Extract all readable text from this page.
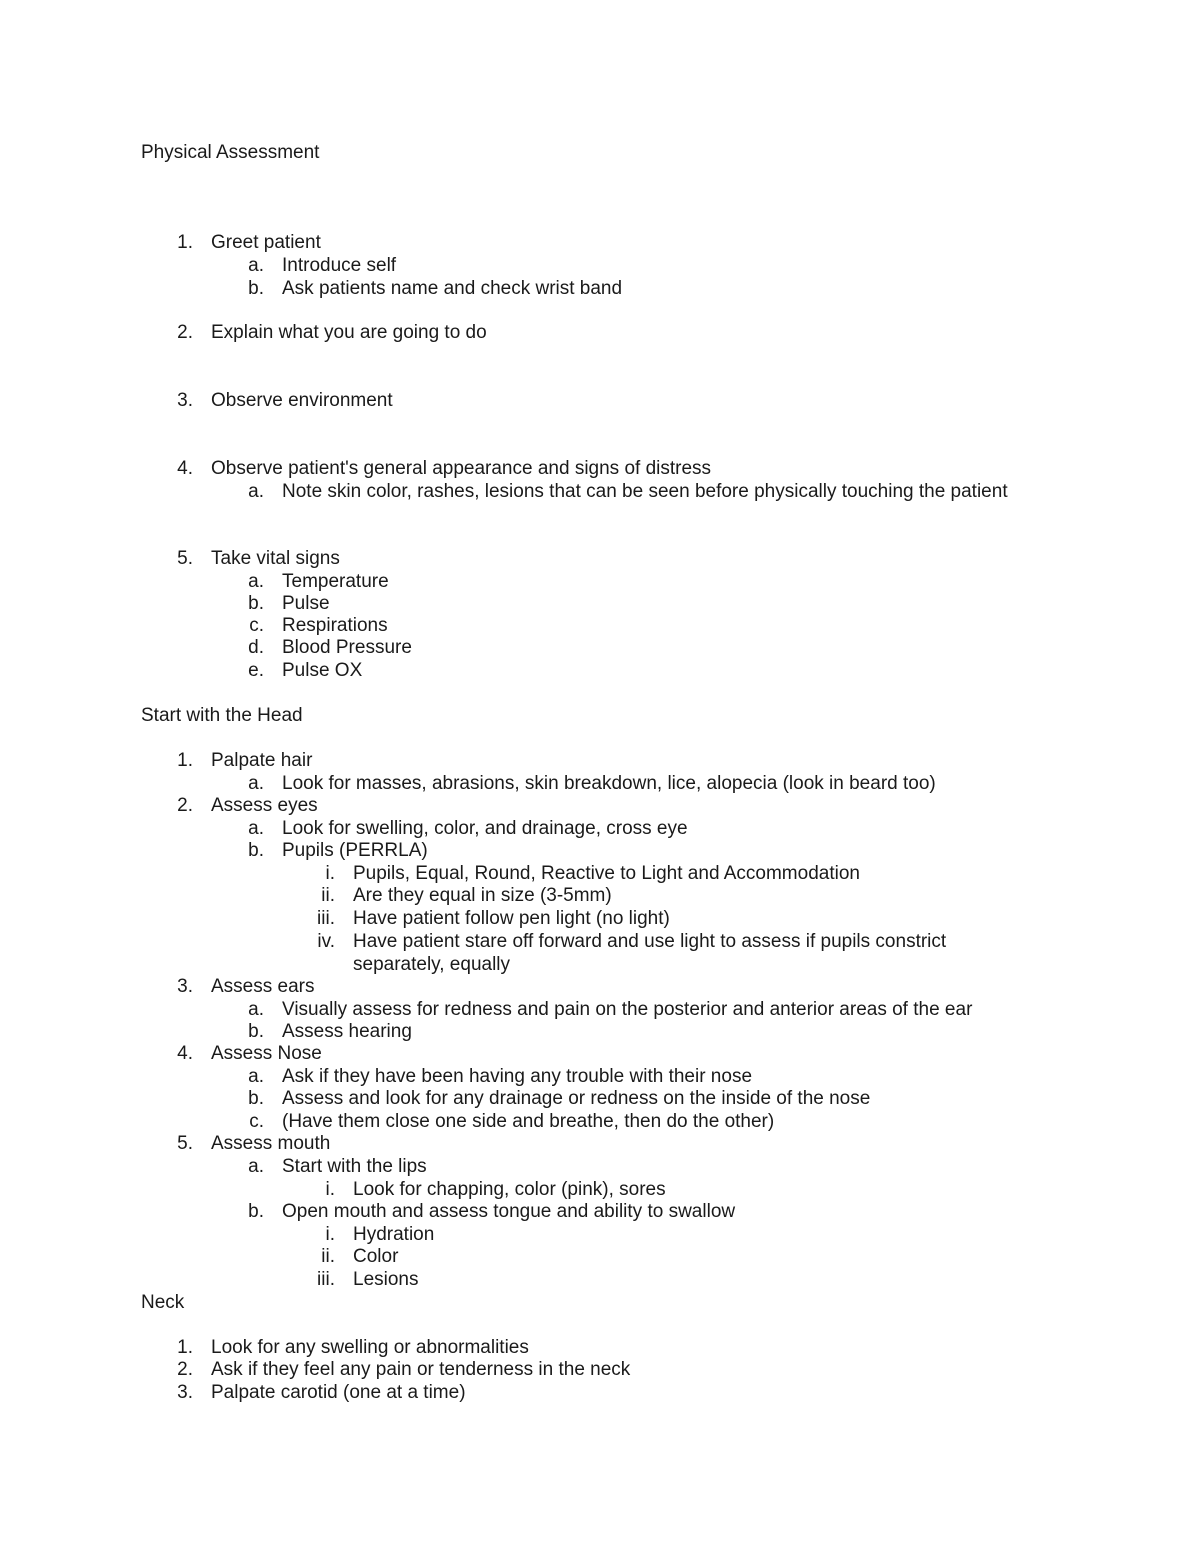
Physical Assessment
1. Greet patient
a. Introduce self
b. Ask patients name and check wrist band
2. Explain what you are going to do
3. Observe environment
4. Observe patient's general appearance and signs of distress
a. Note skin color, rashes, lesions that can be seen before physically touching the patient
5. Take vital signs
a. Temperature
b. Pulse
c. Respirations
d. Blood Pressure
e. Pulse OX
Start with the Head
1. Palpate hair
a. Look for masses, abrasions, skin breakdown, lice, alopecia (look in beard too)
2. Assess eyes
a. Look for swelling, color, and drainage, cross eye
b. Pupils (PERRLA)
i. Pupils, Equal, Round, Reactive to Light and Accommodation
ii. Are they equal in size (3-5mm)
iii. Have patient follow pen light (no light)
iv. Have patient stare off forward and use light to assess if pupils constrict
separately, equally
3. Assess ears
a. Visually assess for redness and pain on the posterior and anterior areas of the ear
b. Assess hearing
4. Assess Nose
a. Ask if they have been having any trouble with their nose
b. Assess and look for any drainage or redness on the inside of the nose
c. (Have them close one side and breathe, then do the other)
5. Assess mouth
a. Start with the lips
i. Look for chapping, color (pink), sores
b. Open mouth and assess tongue and ability to swallow
i. Hydration
ii. Color
iii. Lesions
Neck
1. Look for any swelling or abnormalities
2. Ask if they feel any pain or tenderness in the neck
3. Palpate carotid (one at a time)
